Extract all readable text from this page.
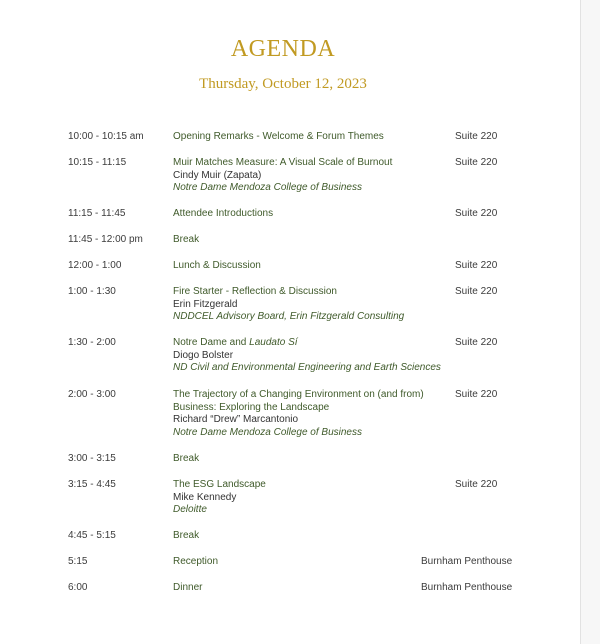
AGENDA
Thursday, October 12, 2023
10:00 - 10:15 am	Opening Remarks - Welcome & Forum Themes	Suite 220
10:15 - 11:15	Muir Matches Measure: A Visual Scale of Burnout
Cindy Muir (Zapata)
Notre Dame Mendoza College of Business
Suite 220
11:15 - 11:45	Attendee Introductions	Suite 220
11:45 - 12:00 pm	Break
12:00 - 1:00	Lunch & Discussion	Suite 220
1:00 - 1:30	Fire Starter - Reflection & Discussion
Erin Fitzgerald
NDDCEL Advisory Board, Erin Fitzgerald Consulting
Suite 220
1:30 - 2:00	Notre Dame and Laudato Sí
Diogo Bolster
ND Civil and Environmental Engineering and Earth Sciences
Suite 220
2:00 - 3:00	The Trajectory of a Changing Environment on (and from)
Business: Exploring the Landscape
Richard “Drew” Marcantonio
Notre Dame Mendoza College of Business
Suite 220
3:00 - 3:15	Break
3:15 - 4:45	The ESG Landscape
Mike Kennedy
Deloitte
Suite 220
4:45 - 5:15	Break
5:15	Reception	Burnham Penthouse
6:00	Dinner	Burnham Penthouse
